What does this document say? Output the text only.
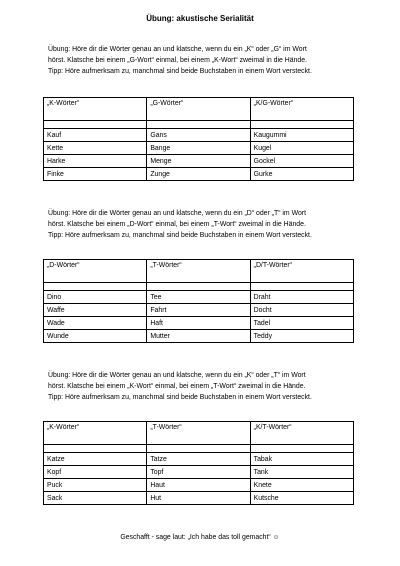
Übung: akustische Serialität
Übung: Höre dir die Wörter genau an und klatsche, wenn du ein „K“ oder „G“ im Wort
hörst. Klatsche bei einem „G-Wort“ einmal, bei einem „K-Wort“ zweimal in die Hände.
Tipp: Höre aufmerksam zu, manchmal sind beide Buchstaben in einem Wort versteckt.
„K-Wörter“	„G-Wörter“	„K/G-Wörter“

Kauf	Gans	Kaugummi
Kette	Bange	Kugel
Harke	Menge	Gockel
Finke	Zunge	Gurke
Übung: Höre dir die Wörter genau an und klatsche, wenn du ein „D“ oder „T“ im Wort
hörst. Klatsche bei einem „D-Wort“ einmal, bei einem „T-Wort“ zweimal in die Hände.
Tipp: Höre aufmerksam zu, manchmal sind beide Buchstaben in einem Wort versteckt.
„D-Wörter“	„T-Wörter“	„D/T-Wörter“

Dino	Tee	Draht
Waffe	Fahrt	Docht
Wade	Haft	Tadel
Wunde	Mutter	Teddy
Übung: Höre dir die Wörter genau an und klatsche, wenn du ein „K“ oder „T“ im Wort
hörst. Klatsche bei einem „K-Wort“ einmal, bei einem „T-Wort“ zweimal in die Hände.
Tipp: Höre aufmerksam zu, manchmal sind beide Buchstaben in einem Wort versteckt.
„K-Wörter“	„T-Wörter“	„K/T-Wörter“

Katze	Tatze	Tabak
Kopf	Topf	Tank
Puck	Haut	Knete
Sack	Hut	Kutsche
Geschafft - sage laut: „Ich habe das toll gemacht“ ☺
